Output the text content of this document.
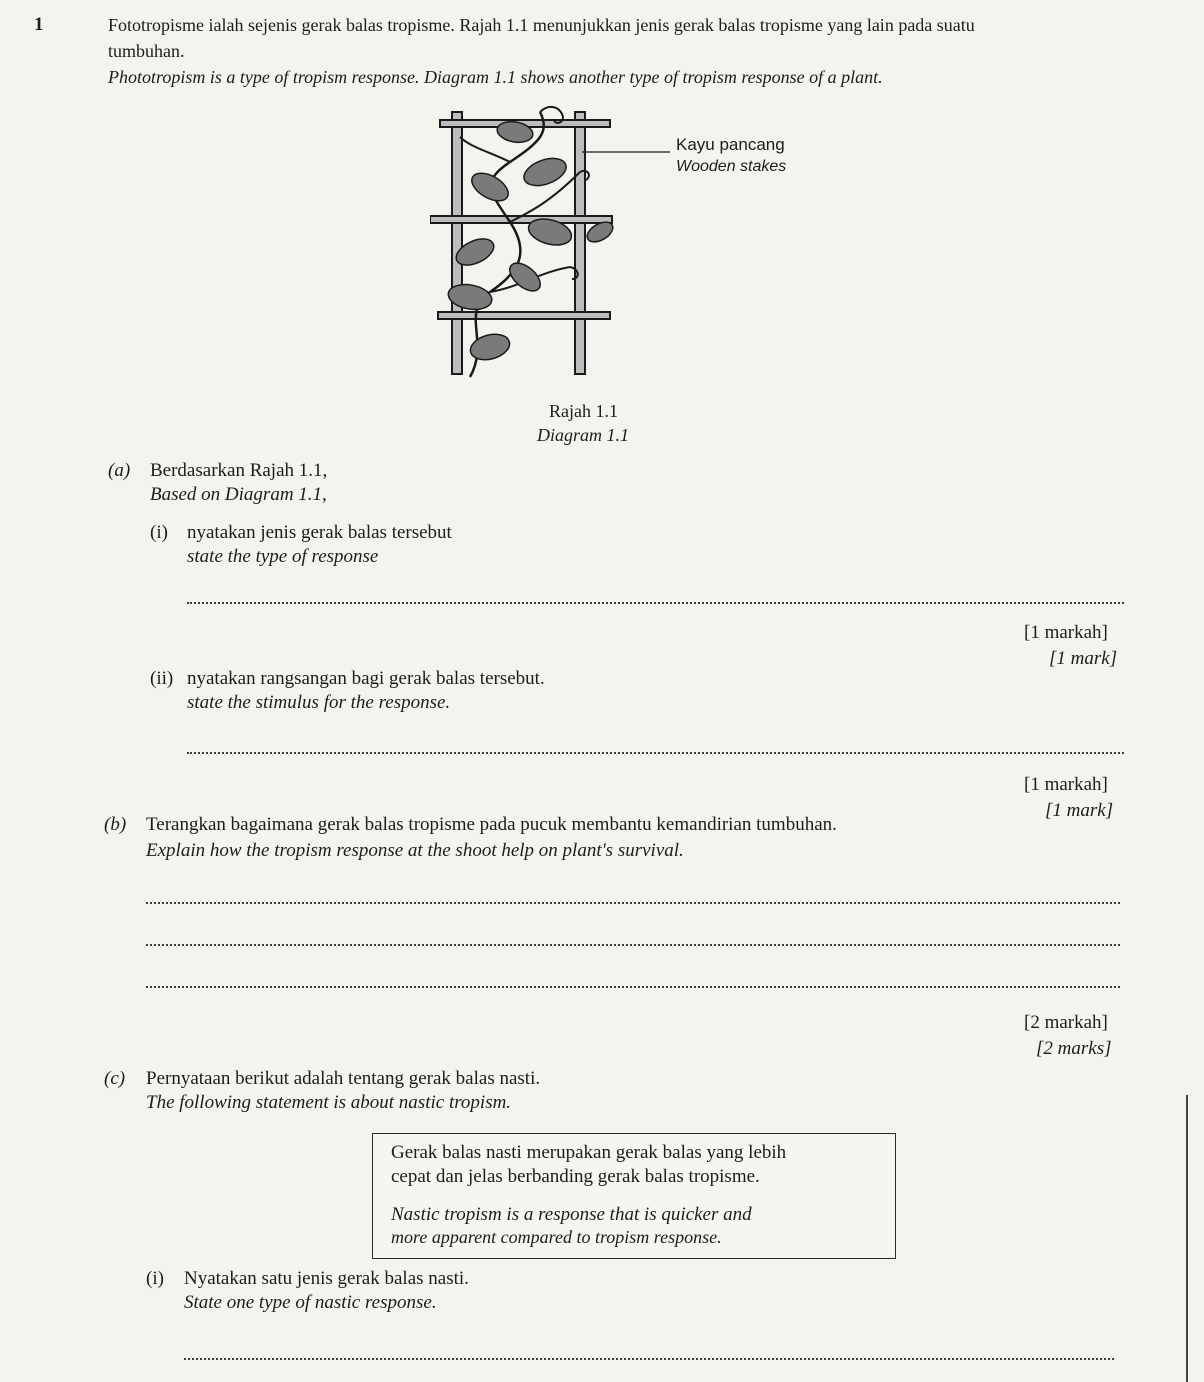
1	Fototropisme ialah sejenis gerak balas tropisme. Rajah 1.1 menunjukkan jenis gerak balas tropisme yang lain pada suatu
tumbuhan.
Phototropism is a type of tropism response. Diagram 1.1 shows another type of tropism response of a plant.
Kayu pancang
Wooden stakes
Rajah 1.1
Diagram 1.1
(a) Berdasarkan Rajah 1.1,
Based on Diagram 1.1,
(i) nyatakan jenis gerak balas tersebut
state the type of response
[1 markah]
[1 mark]
(ii) nyatakan rangsangan bagi gerak balas tersebut.
state the stimulus for the response.
[1 markah]
[1 mark]
(b) Terangkan bagaimana gerak balas tropisme pada pucuk membantu kemandirian tumbuhan.
Explain how the tropism response at the shoot help on plant's survival.
[2 markah]
[2 marks]
(c) Pernyataan berikut adalah tentang gerak balas nasti.
The following statement is about nastic tropism.
Gerak balas nasti merupakan gerak balas yang lebih
cepat dan jelas berbanding gerak balas tropisme.
Nastic tropism is a response that is quicker and
more apparent compared to tropism response.
(i) Nyatakan satu jenis gerak balas nasti.
State one type of nastic response.
